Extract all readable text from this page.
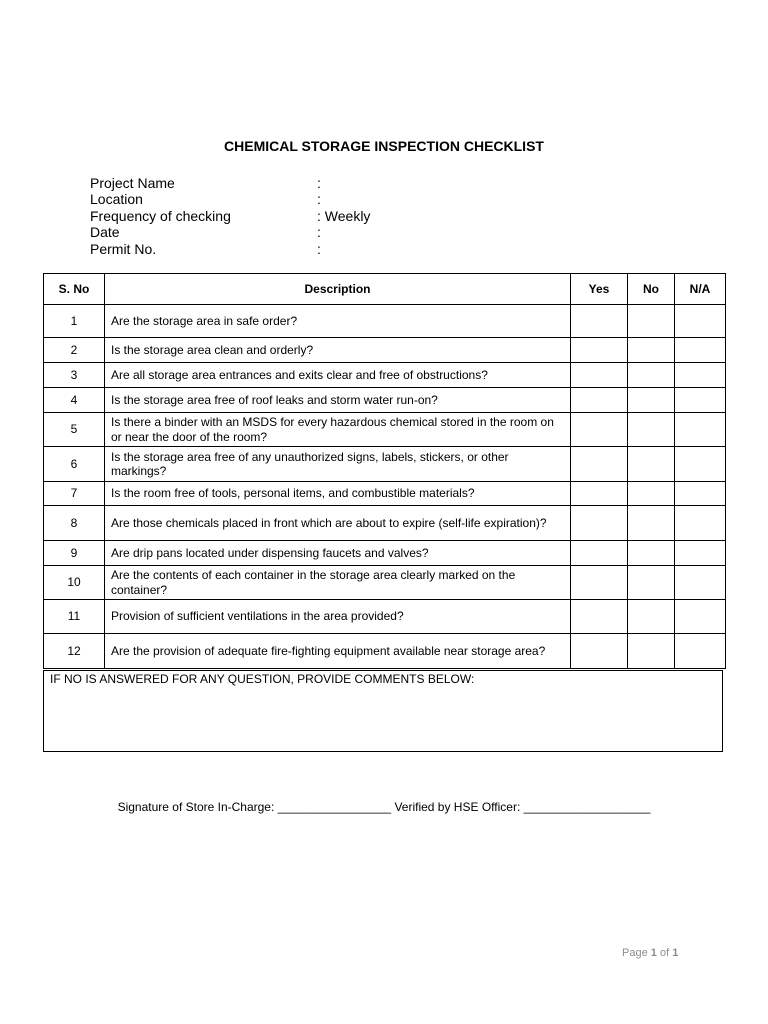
CHEMICAL STORAGE INSPECTION CHECKLIST
Project Name	:
Location	:
Frequency of checking	: Weekly
Date	:
Permit No.	:
S. No	Description	Yes	No	N/A
1	Are the storage area in safe order?			
2	Is the storage area clean and orderly?			
3	Are all storage area entrances and exits clear and free of obstructions?			
4	Is the storage area free of roof leaks and storm water run-on?			
5	Is there a binder with an MSDS for every hazardous chemical stored in the room on or near the door of the room?			
6	Is the storage area free of any unauthorized signs, labels, stickers, or other markings?			
7	Is the room free of tools, personal items, and combustible materials?			
8	Are those chemicals placed in front which are about to expire (self-life expiration)?			
9	Are drip pans located under dispensing faucets and valves?			
10	Are the contents of each container in the storage area clearly marked on the container?			
11	Provision of sufficient ventilations in the area provided?			
12	Are the provision of adequate fire-fighting equipment available near storage area?			
IF NO IS ANSWERED FOR ANY QUESTION, PROVIDE COMMENTS BELOW:
Signature of Store In-Charge: _________________ Verified by HSE Officer: ___________________
Page 1 of 1
